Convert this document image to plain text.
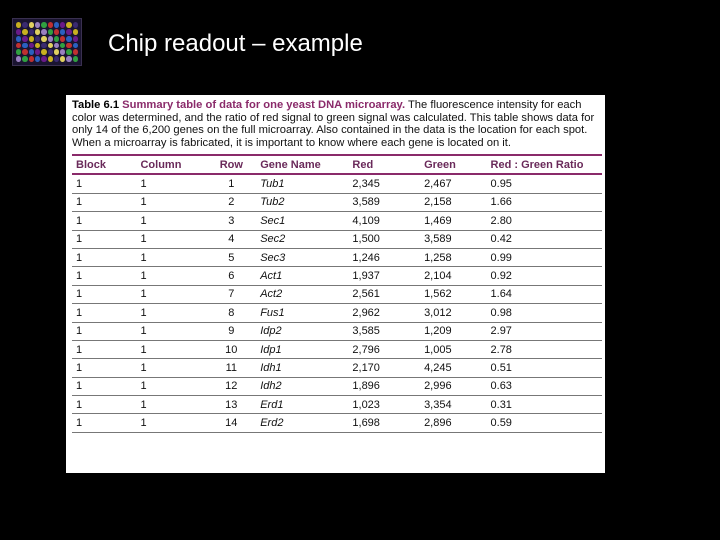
Chip readout – example

Table 6.1 Summary table of data for one yeast DNA microarray. The fluorescence intensity for each color was determined, and the ratio of red signal to green signal was calculated. This table shows data for only 14 of the 6,200 genes on the full microarray. Also contained in the data is the location for each spot. When a microarray is fabricated, it is important to know where each gene is located on it.

Block	Column	Row	Gene Name	Red	Green	Red : Green Ratio
1	1	1	Tub1	2,345	2,467	0.95
1	1	2	Tub2	3,589	2,158	1.66
1	1	3	Sec1	4,109	1,469	2.80
1	1	4	Sec2	1,500	3,589	0.42
1	1	5	Sec3	1,246	1,258	0.99
1	1	6	Act1	1,937	2,104	0.92
1	1	7	Act2	2,561	1,562	1.64
1	1	8	Fus1	2,962	3,012	0.98
1	1	9	Idp2	3,585	1,209	2.97
1	1	10	Idp1	2,796	1,005	2.78
1	1	11	Idh1	2,170	4,245	0.51
1	1	12	Idh2	1,896	2,996	0.63
1	1	13	Erd1	1,023	3,354	0.31
1	1	14	Erd2	1,698	2,896	0.59
